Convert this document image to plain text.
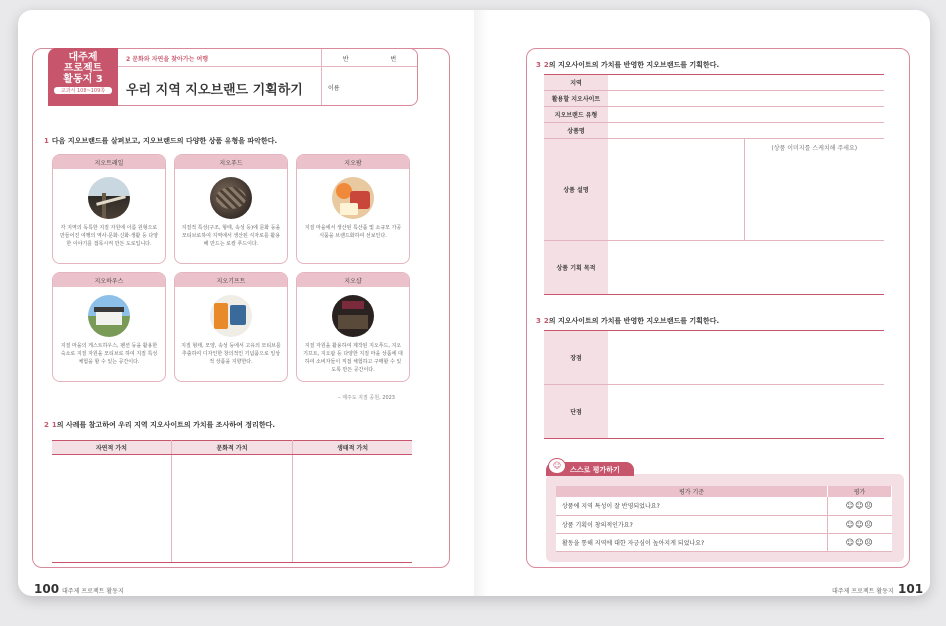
대주제
프로젝트
활동지 3
교과서 108~109쪽
2 문화와 자연을 찾아가는 여행	반	번
우리 지역 지오브랜드 기획하기	이름
1 다음 지오브랜드를 살펴보고, 지오브랜드의 다양한 상품 유형을 파악한다.
지오트레일
각 지역의 독특한 지질 자원에 이름 원형으로 만들어진 여행의 역사·문화·신화·생활 등 다양한 이야기를 접목시켜 만든 도로입니다.
지오푸드
지질적 특성(구조, 형태, 속성 등)에 문화 등을 모티브로하여 지역에서 생산된 식자로를 활용해 만드는 로컬 푸드이다.
지오팜
지질 마을에서 생산된 특산품 및 소규모 가공식품을 브랜드화하여 선보인다.
지오하우스
지질 마을의 게스트하우스, 펜션 등을 활용한 숙소로 지질 자원을 모티브로 하여 지질 특성 체험을 할 수 있는 공간이다.
지오기프트
지질 형태, 모양, 속성 등에서 고유의 모티브를 추출하여 디자인한 창의적인 기념품으로 일상적 상품을 지향한다.
지오샵
지질 자원을 활용하여 제작된 지오푸드, 지오기프트, 지오팜 등 다양한 지질 마을 상품에 대하여 소비자들이 직접 체험하고 구매할 수 있도록 만든 공간이다.
– 제주도 지질 공원, 2023
2 1의 사례를 참고하여 우리 지역 지오사이트의 가치를 조사하여 정리한다.
자연적 가치	문화적 가치	생태적 가치

100 대주제 프로젝트 활동지
3 2의 지오사이트의 가치를 반영한 지오브랜드를 기획한다.
지역		
활용할 지오사이트		
지오브랜드 유형		
상품명		
상품 설명		(상품 이미지를 스케치해 주세요)
상품 기획 목적		
3 2의 지오사이트의 가치를 반영한 지오브랜드를 기획한다.
장점	
단점	
스스로 평가하기
☺
평가 기준	평가
상품에 지역 특성이 잘 반영되었나요?	☺☺☹
상품 기획이 창의적인가요?	☺☺☹
활동을 통해 지역에 대한 자긍심이 높아지게 되었나요?	☺☺☹
대주제 프로젝트 활동지 101
